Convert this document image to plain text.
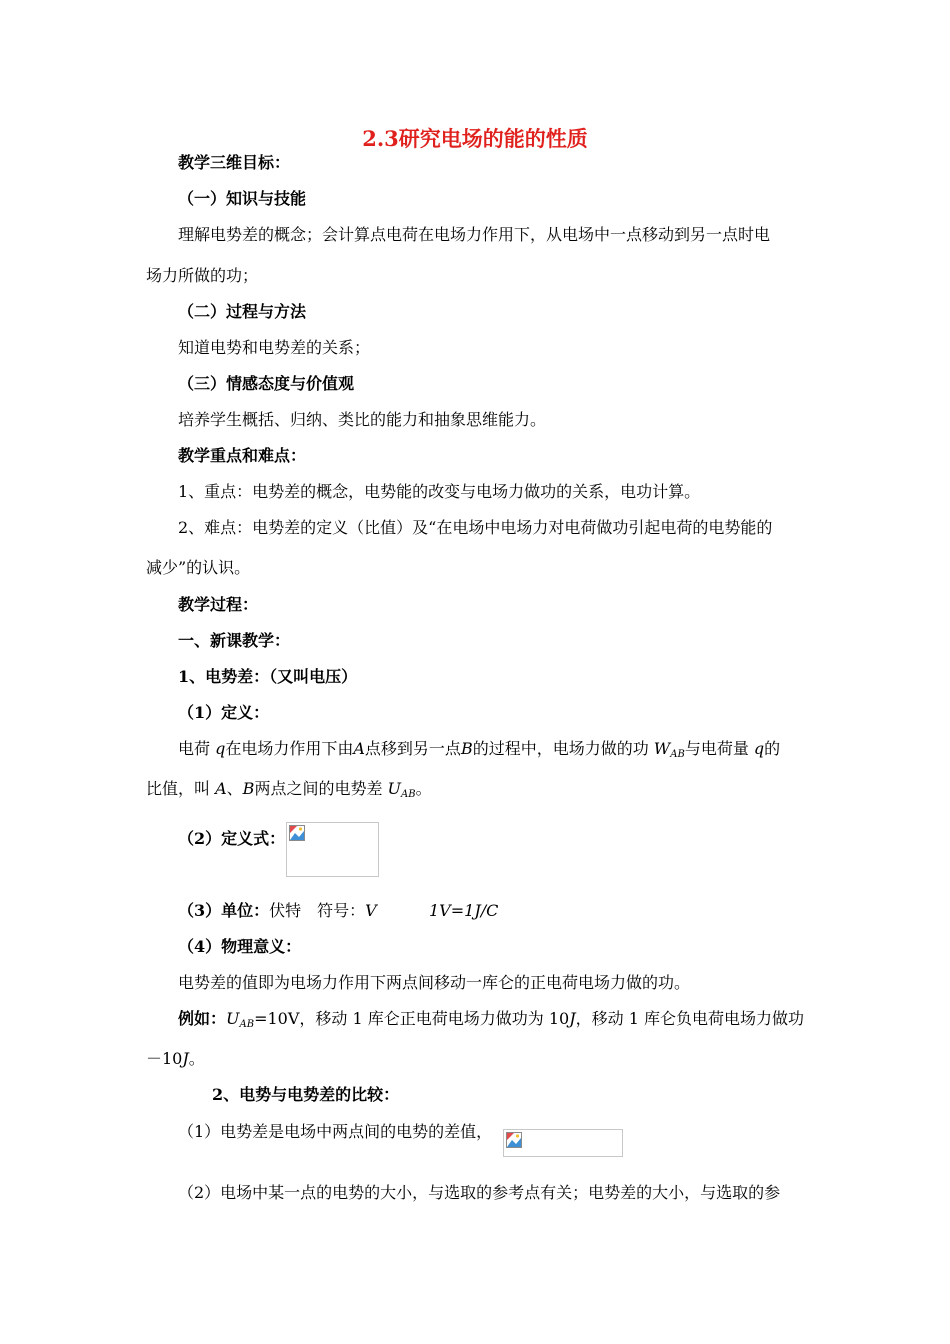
2.3研究电场的能的性质
教学三维目标：
（一）知识与技能
理解电势差的概念；会计算点电荷在电场力作用下，从电场中一点移动到另一点时电
场力所做的功；
（二）过程与方法
知道电势和电势差的关系；
（三）情感态度与价值观
培养学生概括、归纳、类比的能力和抽象思维能力。
教学重点和难点：
1、重点：电势差的概念，电势能的改变与电场力做功的关系，电功计算。
2、难点：电势差的定义（比值）及“在电场中电场力对电荷做功引起电荷的电势能的
减少”的认识。
教学过程：
一、新课教学：
1、电势差：（又叫电压）
（1）定义：
电荷 q在电场力作用下由A点移到另一点B的过程中，电场力做的功 $W_{AB}$与电荷量 q的
比值，叫 A、B两点之间的电势差 $U_{AB}$。
（2）定义式：
（3）单位：伏特 符号：V	1V=1J/C
（4）物理意义：
电势差的值即为电场力作用下两点间移动一库仑的正电荷电场力做的功。
例如：$U_{AB}=10V$，移动 1 库仑正电荷电场力做功为 10J，移动 1 库仑负电荷电场力做功
－10J。
2、电势与电势差的比较：
（1）电势差是电场中两点间的电势的差值，
（2）电场中某一点的电势的大小，与选取的参考点有关；电势差的大小，与选取的参
